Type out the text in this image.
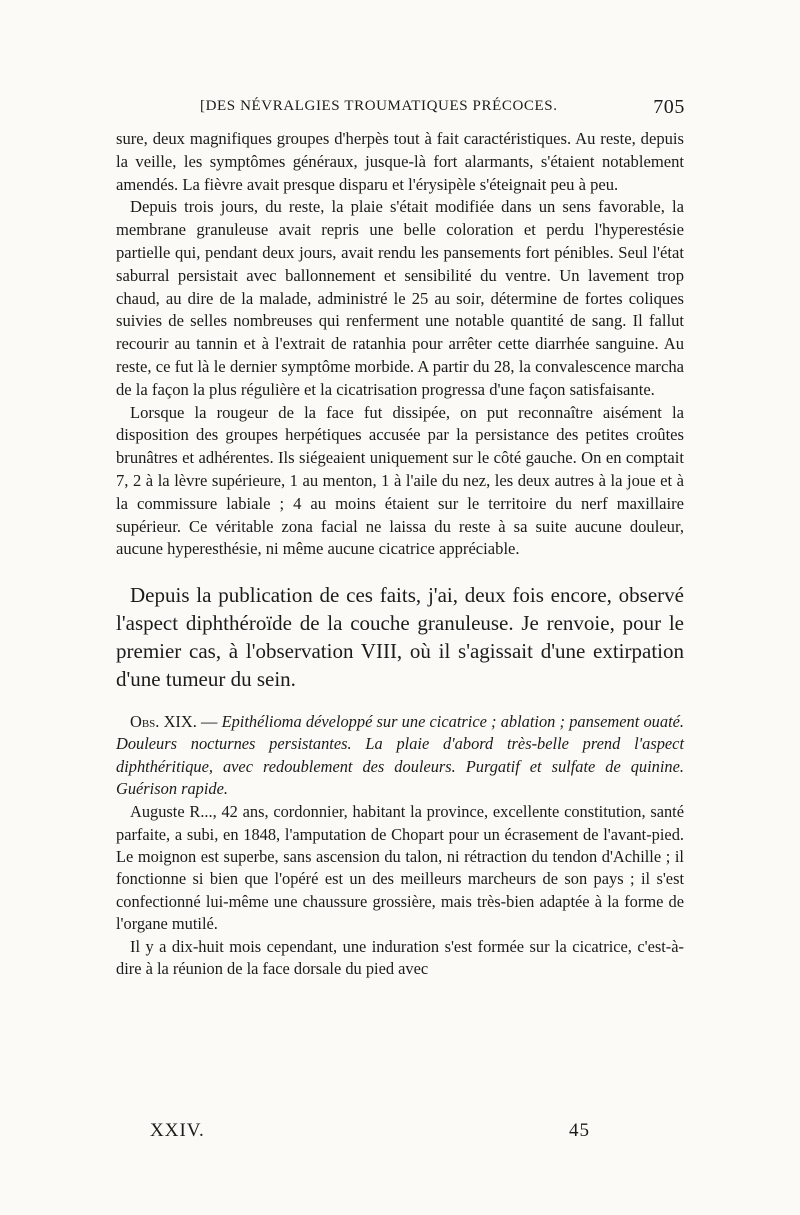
[DES NÉVRALGIES TROUMATIQUES PRÉCOCES.	705

sure, deux magnifiques groupes d'herpès tout à fait caractéristiques. Au reste, depuis la veille, les symptômes généraux, jusque-là fort alarmants, s'étaient notablement amendés. La fièvre avait presque disparu et l'érysipèle s'éteignait peu à peu.

Depuis trois jours, du reste, la plaie s'était modifiée dans un sens favorable, la membrane granuleuse avait repris une belle coloration et perdu l'hyperestésie partielle qui, pendant deux jours, avait rendu les pansements fort pénibles. Seul l'état saburral persistait avec ballonnement et sensibilité du ventre. Un lavement trop chaud, au dire de la malade, administré le 25 au soir, détermine de fortes coliques suivies de selles nombreuses qui renferment une notable quantité de sang. Il fallut recourir au tannin et à l'extrait de ratanhia pour arrêter cette diarrhée sanguine. Au reste, ce fut là le dernier symptôme morbide. A partir du 28, la convalescence marcha de la façon la plus régulière et la cicatrisation progressa d'une façon satisfaisante.

Lorsque la rougeur de la face fut dissipée, on put reconnaître aisément la disposition des groupes herpétiques accusée par la persistance des petites croûtes brunâtres et adhérentes. Ils siégeaient uniquement sur le côté gauche. On en comptait 7, 2 à la lèvre supérieure, 1 au menton, 1 à l'aile du nez, les deux autres à la joue et à la commissure labiale ; 4 au moins étaient sur le territoire du nerf maxillaire supérieur. Ce véritable zona facial ne laissa du reste à sa suite aucune douleur, aucune hyperesthésie, ni même aucune cicatrice appréciable.

Depuis la publication de ces faits, j'ai, deux fois encore, observé l'aspect diphthéroïde de la couche granuleuse. Je renvoie, pour le premier cas, à l'observation VIII, où il s'agissait d'une extirpation d'une tumeur du sein.

Obs. XIX. — Epithélioma développé sur une cicatrice ; ablation ; pansement ouaté. Douleurs nocturnes persistantes. La plaie d'abord très-belle prend l'aspect diphthéritique, avec redoublement des douleurs. Purgatif et sulfate de quinine. Guérison rapide.

Auguste R..., 42 ans, cordonnier, habitant la province, excellente constitution, santé parfaite, a subi, en 1848, l'amputation de Chopart pour un écrasement de l'avant-pied. Le moignon est superbe, sans ascension du talon, ni rétraction du tendon d'Achille ; il fonctionne si bien que l'opéré est un des meilleurs marcheurs de son pays ; il s'est confectionné lui-même une chaussure grossière, mais très-bien adaptée à la forme de l'organe mutilé.

Il y a dix-huit mois cependant, une induration s'est formée sur la cicatrice, c'est-à-dire à la réunion de la face dorsale du pied avec

XXIV.	45
